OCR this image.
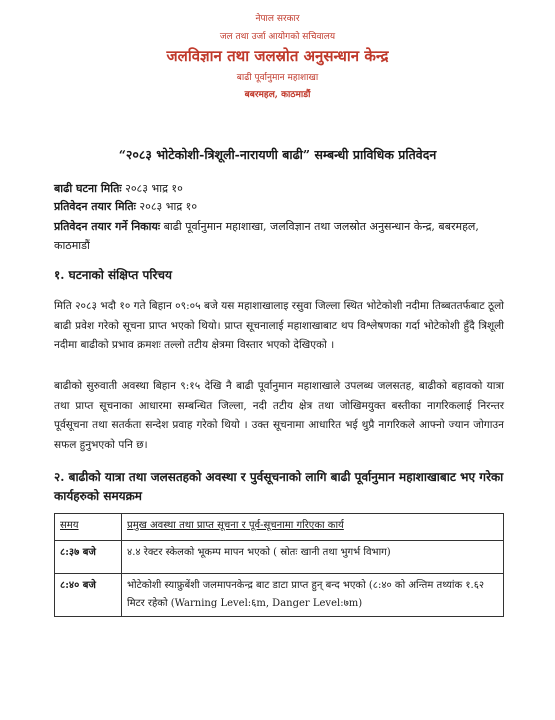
नेपाल सरकार
जल तथा उर्जा आयोगको सचिवालय
जलविज्ञान तथा जलस्रोत अनुसन्धान केन्द्र
बाढी पूर्वानुमान महाशाखा
बबरमहल, काठमाडौं
“२०८३ भोटेकोशी-त्रिशूली-नारायणी बाढी” सम्बन्धी प्राविधिक प्रतिवेदन
बाढी घटना मितिः २०८३ भाद्र १०
प्रतिवेदन तयार मितिः २०८३ भाद्र १०
प्रतिवेदन तयार गर्ने निकायः बाढी पूर्वानुमान महाशाखा, जलविज्ञान तथा जलस्रोत अनुसन्धान केन्द्र, बबरमहल, काठमाडौं
१. घटनाको संक्षिप्त परिचय
मिति २०८३ भदौ १० गते बिहान ०९:०५ बजे यस महाशाखालाइ रसुवा जिल्ला स्थित भोटेकोशी नदीमा तिब्बततर्फबाट ठूलो बाढी प्रवेश गरेको सूचना प्राप्त भएको थियो। प्राप्त सूचनालाई महाशाखाबाट थप विश्लेषणका गर्दा भोटेकोशी हुँदै त्रिशूली नदीमा बाढीको प्रभाव क्रमशः तल्लो तटीय क्षेत्रमा विस्तार भएको देखिएको ।
बाढीको सुरुवाती अवस्था बिहान ९:१५ देखि नै बाढी पूर्वानुमान महाशाखाले उपलब्ध जलसतह, बाढीको बहावको यात्रा तथा प्राप्त सूचनाका आधारमा सम्बन्धित जिल्ला, नदी तटीय क्षेत्र तथा जोखिमयुक्त बस्तीका नागरिकलाई निरन्तर पूर्वसूचना तथा सतर्कता सन्देश प्रवाह गरेको थियो । उक्त सूचनामा आधारित भई थुप्रै नागरिकले आफ्नो ज्यान जोगाउन सफल हुनुभएको पनि छ।
२. बाढीको यात्रा तथा जलसतहको अवस्था र पुर्वसूचनाको लागि बाढी पूर्वानुमान महाशाखाबाट भए गरेका कार्यहरुको समयक्रम
समय	प्रमुख अवस्था तथा प्राप्त सूचना र पूर्व-सूचनामा गरिएका कार्य
८:३७ बजे	४.४ रेक्टर स्केलको भूकम्प मापन भएको ( स्रोतः खानी तथा भुगर्भ विभाग)
८:४० बजे	भोटेकोशी स्याफ्रुबेंशी जलमापनकेन्द्र बाट डाटा प्राप्त हुन् बन्द भएको (८:४० को अन्तिम तथ्यांक १.६२ मिटर रहेको (Warning Level:६m, Danger Level:७m)
